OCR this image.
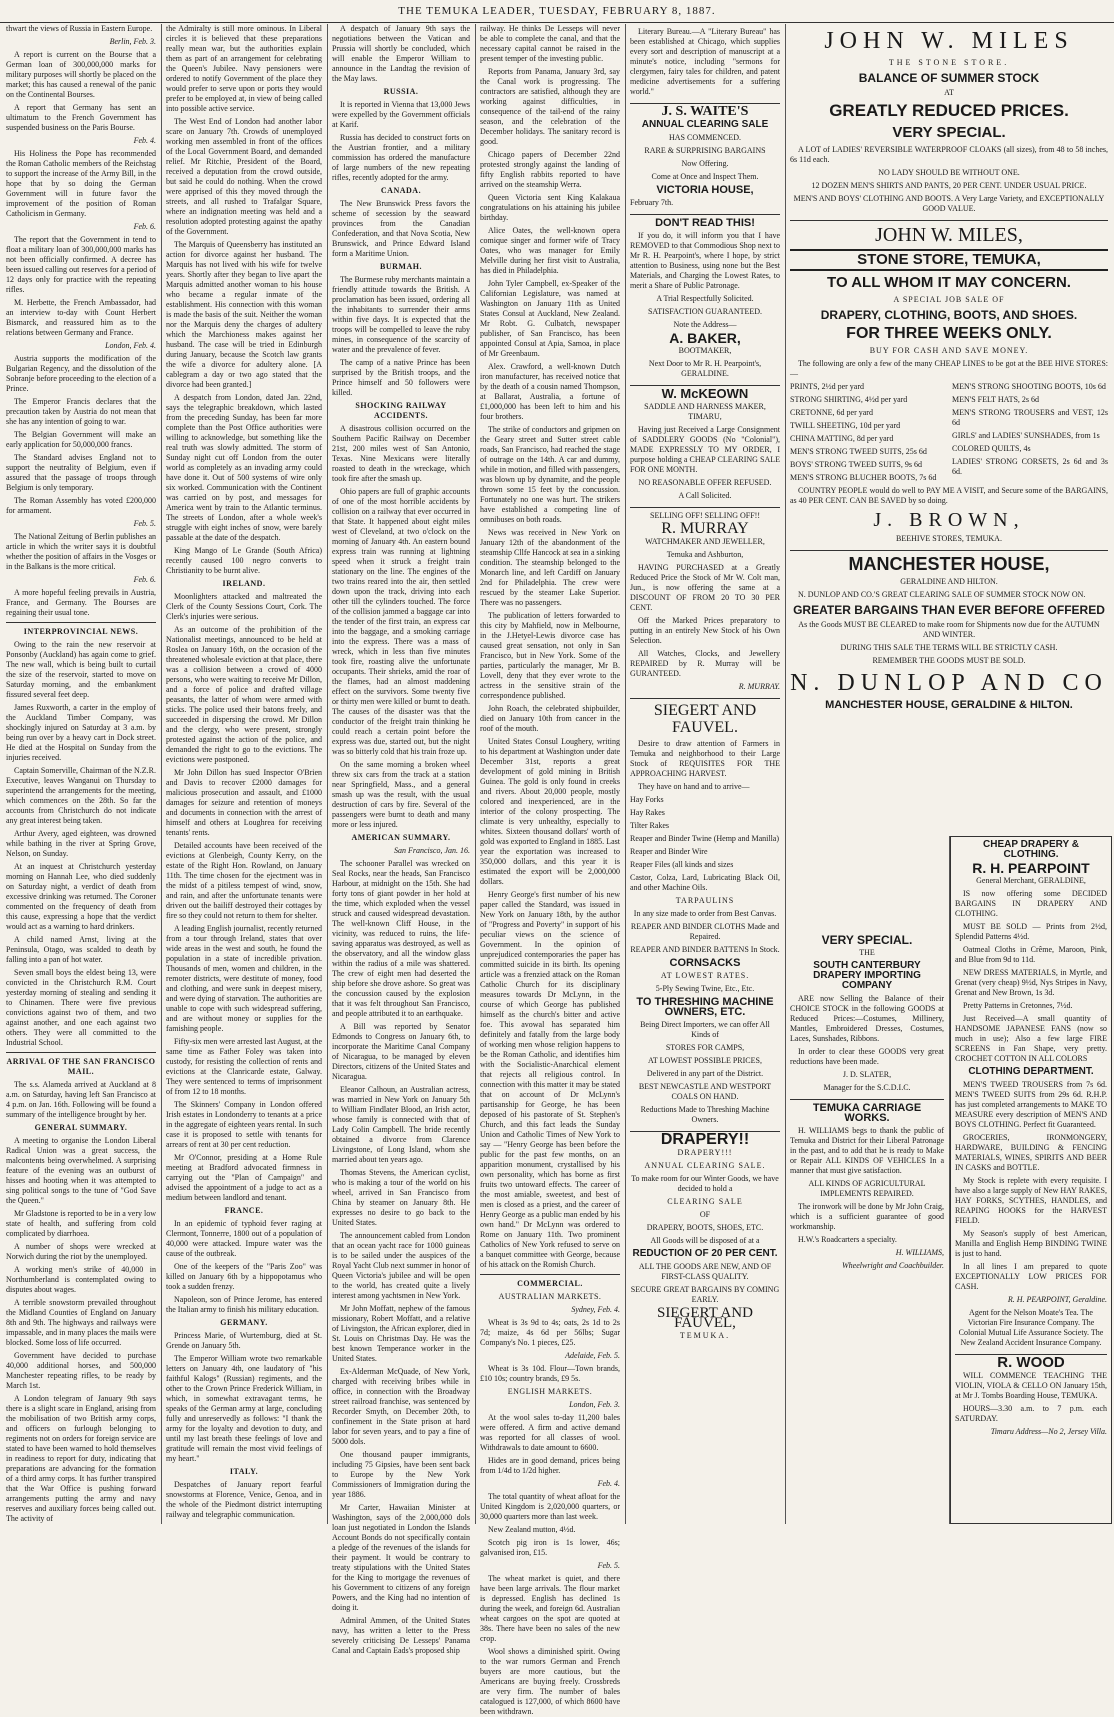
THE TEMUKA LEADER, TUESDAY, FEBRUARY 8, 1887.

thwart the views of Russia in Eastern Europe.

Berlin, Feb. 3.

A report is current on the Bourse that a German loan of 300,000,000 marks for military purposes will shortly be placed on the market; this has caused a renewal of the panic on the Continental Bourses.

A report that Germany has sent an ultimatum to the French Government has suspended business on the Paris Bourse.

Feb. 4.

His Holiness the Pope has recommended the Roman Catholic members of the Reichstag to support the increase of the Army Bill, in the hope that by so doing the German Government will in future favor the improvement of the position of Roman Catholicism in Germany.

Feb. 6.

The report that the Government in tend to float a military loan of 300,000,000 marks has not been officially confirmed. A decree has been issued calling out reserves for a period of 12 days only for practice with the repeating rifles.

M. Herbette, the French Ambassador, had an interview to-day with Count Herbert Bismarck, and reassured him as to the relations between Germany and France.

London, Feb. 4.

Austria supports the modification of the Bulgarian Regency, and the dissolution of the Sobranje before proceeding to the election of a Prince.

The Emperor Francis declares that the precaution taken by Austria do not mean that she has any intention of going to war.

The Belgian Government will make an early application for 50,000,000 francs.

The Standard advises England not to support the neutrality of Belgium, even if assured that the passage of troops through Belgium is only temporary.

The Roman Assembly has voted £200,000 for armament.

Feb. 5.

The National Zeitung of Berlin publishes an article in which the writer says it is doubtful whether the position of affairs in the Vosges or in the Balkans is the more critical.

Feb. 6.

A more hopeful feeling prevails in Austria, France, and Germany. The Bourses are regaining their usual tone.

INTERPROVINCIAL NEWS.

Owing to the rain the new reservoir at Ponsonby (Auckland) has again come to grief. The new wall, which is being built to curtail the size of the reservoir, started to move on Saturday morning, and the embankment fissured several feet deep.

James Ruxworth, a carter in the employ of the Auckland Timber Company, was shockingly injured on Saturday at 3 a.m. by being run over by a heavy cart in Dock street. He died at the Hospital on Sunday from the injuries received.

Captain Somerville, Chairman of the N.Z.R. Executive, leaves Wanganui on Thursday to superintend the arrangements for the meeting, which commences on the 28th. So far the accounts from Christchurch do not indicate any great interest being taken.

Arthur Avery, aged eighteen, was drowned while bathing in the river at Spring Grove, Nelson, on Sunday.

At an inquest at Christchurch yesterday morning on Hannah Lee, who died suddenly on Saturday night, a verdict of death from excessive drinking was returned. The Coroner commented on the frequency of death from this cause, expressing a hope that the verdict would act as a warning to hard drinkers.

A child named Arnst, living at the Peninsula, Otago, was scalded to death by falling into a pan of hot water.

Seven small boys the eldest being 13, were convicted in the Christchurch R.M. Court yesterday morning of stealing and sending it to Chinamen. There were five previous convictions against two of them, and two against another, and one each against two others. They were all committed to the Industrial School.

ARRIVAL OF THE SAN FRANCISCO MAIL.

The s.s. Alameda arrived at Auckland at 8 a.m. on Saturday, having left San Francisco at 4 p.m. on Jan. 16th. Following will be found a summary of the intelligence brought by her.

GENERAL SUMMARY.

A meeting to organise the London Liberal Radical Union was a great success, the malcontents being overwhelmed. A surprising feature of the evening was an outburst of hisses and hooting when it was attempted to sing political songs to the tune of "God Save the Queen."

Mr Gladstone is reported to be in a very low state of health, and suffering from cold complicated by diarrhoea.

A number of shops were wrecked at Norwich during the riot by the unemployed.

A working men's strike of 40,000 in Northumberland is contemplated owing to disputes about wages.

A terrible snowstorm prevailed throughout the Midland Counties of England on January 8th and 9th. The highways and railways were impassable, and in many places the mails were blocked. Some loss of life occurred.

Government have decided to purchase 40,000 additional horses, and 500,000 Manchester repeating rifles, to be ready by March 1st.

A London telegram of January 9th says there is a slight scare in England, arising from the mobilisation of two British army corps, and officers on furlough belonging to regiments not on orders for foreign service are stated to have been warned to hold themselves in readiness to report for duty, indicating that preparations are advancing for the formation of a third army corps. It has further transpired that the War Office is pushing forward arrangements putting the army and navy reserves and auxiliary forces being called out. The activity of

the Admiralty is still more ominous. In Liberal circles it is believed that these preparations really mean war, but the authorities explain them as part of an arrangement for celebrating the Queen's Jubilee. Navy pensioners were ordered to notify Government of the place they would prefer to serve upon or ports they would prefer to be employed at, in view of being called into possible active service.

The West End of London had another labor scare on January 7th. Crowds of unemployed working men assembled in front of the offices of the Local Government Board, and demanded relief. Mr Ritchie, President of the Board, received a deputation from the crowd outside, but said he could do nothing. When the crowd were apprised of this they moved through the streets, and all rushed to Trafalgar Square, where an indignation meeting was held and a resolution adopted protesting against the apathy of the Government.

The Marquis of Queensberry has instituted an action for divorce against her husband. The Marquis has not lived with his wife for twelve years. Shortly after they began to live apart the Marquis admitted another woman to his house who became a regular inmate of the establishment. His connection with this woman is made the basis of the suit. Neither the woman nor the Marquis deny the charges of adultery which the Marchioness makes against her husband. The case will be tried in Edinburgh during January, because the Scotch law grants the wife a divorce for adultery alone. [A cablegram a day or two ago stated that the divorce had been granted.]

A despatch from London, dated Jan. 22nd, says the telegraphic breakdown, which lasted from the preceding Sunday, has been far more complete than the Post Office authorities were willing to acknowledge, but something like the real truth was slowly admitted. The storm of Sunday night cut off London from the outer world as completely as an invading army could have done it. Out of 500 systems of wire only six worked. Communication with the Continent was carried on by post, and messages for America went by train to the Atlantic terminus. The streets of London, after a whole week's struggle with eight inches of snow, were barely passable at the date of the despatch.

King Mango of Le Grande (South Africa) recently caused 100 negro converts to Christianity to be burnt alive.

IRELAND.

Moonlighters attacked and maltreated the Clerk of the County Sessions Court, Cork. The Clerk's injuries were serious.

As an outcome of the prohibition of the Nationalist meetings, announced to be held at Roslea on January 16th, on the occasion of the threatened wholesale eviction at that place, there was a collision between a crowd of 4000 persons, who were waiting to receive Mr Dillon, and a force of police and drafted village peasants, the latter of whom were armed with sticks. The police used their batons freely, and succeeded in dispersing the crowd. Mr Dillon and the clergy, who were present, strongly protested against the action of the police, and demanded the right to go to the evictions. The evictions were postponed.

Mr John Dillon has sued Inspector O'Brien and Davis to recover £2000 damages for malicious prosecution and assault, and £1000 damages for seizure and retention of moneys and documents in connection with the arrest of himself and others at Loughrea for receiving tenants' rents.

Detailed accounts have been received of the evictions at Glenbeigh, County Kerry, on the estate of the Right Hon. Rowland, on January 11th. The time chosen for the ejectment was in the midst of a pitiless tempest of wind, snow, and rain, and after the unfortunate tenants were driven out the bailiff destroyed their cottages by fire so they could not return to them for shelter.

A leading English journalist, recently returned from a tour through Ireland, states that over wide areas in the west and south, he found the population in a state of incredible privation. Thousands of men, women and children, in the remoter districts, were destitute of money, food and clothing, and were sunk in deepest misery, and were dying of starvation. The authorities are unable to cope with such widespread suffering, and are without money or supplies for the famishing people.

Fifty-six men were arrested last August, at the same time as Father Foley was taken into custody, for resisting the collection of rents and evictions at the Clanricarde estate, Galway. They were sentenced to terms of imprisonment of from 12 to 18 months.

The Skinners' Company in London offered Irish estates in Londonderry to tenants at a price in the aggregate of eighteen years rental. In such case it is proposed to settle with tenants for arrears of rent at 30 per cent reduction.

Mr O'Connor, presiding at a Home Rule meeting at Bradford advocated firmness in carrying out the "Plan of Campaign" and advised the appointment of a judge to act as a medium between landlord and tenant.

FRANCE.

In an epidemic of typhoid fever raging at Clermont, Tonnerre, 1800 out of a population of 40,000 were attacked. Impure water was the cause of the outbreak.

One of the keepers of the "Paris Zoo" was killed on January 6th by a hippopotamus who took a sudden frenzy.

Napoleon, son of Prince Jerome, has entered the Italian army to finish his military education.

GERMANY.

Princess Marie, of Wurtemburg, died at St. Grende on January 5th.

The Emperor William wrote two remarkable letters on January 4th, one laudatory of "his faithful Kalogs" (Russian) regiments, and the other to the Crown Prince Frederick William, in which, in somewhat extravagant terms, he speaks of the German army at large, concluding fully and unreservedly as follows: "I thank the army for the loyalty and devotion to duty, and until my last breath these feelings of love and gratitude will remain the most vivid feelings of my heart."

ITALY.

Despatches of January report fearful snowstorms at Florence, Venice, Genoa, and in the whole of the Piedmont district interrupting railway and telegraphic communication.

A despatch of January 9th says the negotiations between the Vatican and Prussia will shortly be concluded, which will enable the Emperor William to announce in the Landtag the revision of the May laws.

RUSSIA.

It is reported in Vienna that 13,000 Jews were expelled by the Government officials at Karif.

Russia has decided to construct forts on the Austrian frontier, and a military commission has ordered the manufacture of large numbers of the new repeating rifles, recently adopted for the army.

CANADA.

The New Brunswick Press favors the scheme of secession by the seaward provinces from the Canadian Confederation, and that Nova Scotia, New Brunswick, and Prince Edward Island form a Maritime Union.

BURMAH.

The Burmese ruby merchants maintain a friendly attitude towards the British. A proclamation has been issued, ordering all the inhabitants to surrender their arms within five days. It is expected that the troops will be compelled to leave the ruby mines, in consequence of the scarcity of water and the prevalence of fever.

The camp of a native Prince has been surprised by the British troops, and the Prince himself and 50 followers were killed.

SHOCKING RAILWAY ACCIDENTS.

A disastrous collision occurred on the Southern Pacific Railway on December 21st, 200 miles west of San Antonio, Texas. Nine Mexicans were literally roasted to death in the wreckage, which took fire after the smash up.

Ohio papers are full of graphic accounts of one of the most horrible accidents by collision on a railway that ever occurred in that State. It happened about eight miles west of Cleveland, at two o'clock on the morning of January 4th. An eastern bound express train was running at lightning speed when it struck a freight train stationary on the line. The engines of the two trains reared into the air, then settled down upon the track, driving into each other till the cylinders touched. The force of the collision jammed a baggage car into the tender of the first train, an express car into the baggage, and a smoking carriage into the express. There was a mass of wreck, which in less than five minutes took fire, roasting alive the unfortunate occupants. Their shrieks, amid the roar of the flames, had an almost maddening effect on the survivors. Some twenty five or thirty men were killed or burnt to death. The causes of the disaster was that the conductor of the freight train thinking he could reach a certain point before the express was due, started out, but the night was so bitterly cold that his train froze up.

On the same morning a broken wheel threw six cars from the track at a station near Springfield, Mass., and a general smash up was the result, with the usual destruction of cars by fire. Several of the passengers were burnt to death and many more or less injured.

AMERICAN SUMMARY.

San Francisco, Jan. 16.

The schooner Parallel was wrecked on Seal Rocks, near the heads, San Francisco Harbour, at midnight on the 15th. She had forty tons of giant powder in her hold at the time, which exploded when the vessel struck and caused widespread devastation. The well-known Cliff House, in the vicinity, was reduced to ruins, the life-saving apparatus was destroyed, as well as the observatory, and all the window glass within the radius of a mile was shattered. The crew of eight men had deserted the ship before she drove ashore. So great was the concussion caused by the explosion that it was felt throughout San Francisco, and people attributed it to an earthquake.

A Bill was reported by Senator Edmonds to Congress on January 6th, to incorporate the Maritime Canal Company of Nicaragua, to be managed by eleven Directors, citizens of the United States and Nicaragua.

Eleanor Calhoun, an Australian actress, was married in New York on January 5th to William Findlater Blood, an Irish actor, whose family is connected with that of Lady Colin Campbell. The bride recently obtained a divorce from Clarence Livingstone, of Long Island, whom she married about ten years ago.

Thomas Stevens, the American cyclist, who is making a tour of the world on his wheel, arrived in San Francisco from China by steamer on January 8th. He expresses no desire to go back to the United States.

The announcement cabled from London that an ocean yacht race for 1000 guineas is to be sailed under the auspices of the Royal Yacht Club next summer in honor of Queen Victoria's jubilee and will be open to the world, has created quite a lively interest among yachtsmen in New York.

Mr John Moffatt, nephew of the famous missionary, Robert Moffatt, and a relative of Livingston, the African explorer, died in St. Louis on Christmas Day. He was the best known Temperance worker in the United States.

Ex-Alderman McQuade, of New York, charged with receiving bribes while in office, in connection with the Broadway street railroad franchise, was sentenced by Recorder Smyth, on December 20th, to confinement in the State prison at hard labor for seven years, and to pay a fine of 5000 dols.

One thousand pauper immigrants, including 75 Gipsies, have been sent back to Europe by the New York Commissioners of Immigration during the year 1886.

Mr Carter, Hawaiian Minister at Washington, says of the 2,000,000 dols loan just negotiated in London the Islands Account Bonds do not specifically contain a pledge of the revenues of the islands for their payment. It would be contrary to treaty stipulations with the United States for the King to mortgage the revenues of his Government to citizens of any foreign Powers, and the King had no intention of doing it.

Admiral Ammen, of the United States navy, has written a letter to the Press severely criticising De Lesseps' Panama Canal and Captain Eads's proposed ship

railway. He thinks De Lesseps will never be able to complete the canal, and that the necessary capital cannot be raised in the present temper of the investing public.

Reports from Panama, January 3rd, say the Canal work is progressing. The contractors are satisfied, although they are working against difficulties, in consequence of the tail-end of the rainy season, and the celebration of the December holidays. The sanitary record is good.

Chicago papers of December 22nd protested strongly against the landing of fifty English rabbits reported to have arrived on the steamship Werra.

Queen Victoria sent King Kalakaua congratulations on his attaining his jubilee birthday.

Alice Oates, the well-known opera comique singer and former wife of Tracy Oates, who was manager for Emily Melville during her first visit to Australia, has died in Philadelphia.

John Tyler Campbell, ex-Speaker of the Californian Legislature, was named at Washington on January 11th as United States Consul at Auckland, New Zealand. Mr Robt. G. Culbatch, newspaper publisher, of San Francisco, has been appointed Consul at Apia, Samoa, in place of Mr Greenbaum.

Alex. Crawford, a well-known Dutch iron manufacturer, has received notice that by the death of a cousin named Thompson, at Ballarat, Australia, a fortune of £1,000,000 has been left to him and his four brothers.

The strike of conductors and gripmen on the Geary street and Sutter street cable roads, San Francisco, had reached the stage of outrage on the 14th. A car and dummy, while in motion, and filled with passengers, was blown up by dynamite, and the people thrown some 15 feet by the concussion. Fortunately no one was hurt. The strikers have established a competing line of omnibuses on both roads.

News was received in New York on January 12th of the abandonment of the steamship Cllfe Hancock at sea in a sinking condition. The steamship belonged to the Monarch line, and left Cardiff on January 2nd for Philadelphia. The crew were rescued by the steamer Lake Superior. There was no passengers.

The publication of letters forwarded to this city by Mahfield, now in Melbourne, in the J.Hetyel-Lewis divorce case has caused great sensation, not only in San Francisco, but in New York. Some of the parties, particularly the manager, Mr B. Lovell, deny that they ever wrote to the actress in the sensitive strain of the correspondence published.

John Roach, the celebrated shipbuilder, died on January 10th from cancer in the roof of the mouth.

United States Consul Loughery, writing to his department at Washington under date December 31st, reports a great development of gold mining in British Guinea. The gold is only found in creeks and rivers. About 20,000 people, mostly colored and inexperienced, are in the interior of the colony prospecting. The climate is very unhealthy, especially to whites. Sixteen thousand dollars' worth of gold was exported to England in 1885. Last year the exportation was increased to 350,000 dollars, and this year it is estimated the export will be 2,000,000 dollars.

Henry George's first number of his new paper called the Standard, was issued in New York on January 18th, by the author of "Progress and Poverty" in support of his peculiar views on the science of Government. In the opinion of unprejudiced contemporaries the paper has committed suicide in its birth. Its opening article was a frenzied attack on the Roman Catholic Church for its disciplinary measures towards Dr McLynn, in the course of which George has published himself as the church's bitter and active foe. This avowal has separated him definitely and fatally from the large body of working men whose religion happens to be the Roman Catholic, and identifies him with the Socialistic-Anarchical element that rejects all religious control. In connection with this matter it may be stated that on account of Dr McLynn's partisanship for George, he has been deposed of his pastorate of St. Stephen's Church, and this fact leads the Sunday Union and Catholic Times of New York to say — "Henry George has been before the public for the past few months, on an apparition monument, crystallised by his own personality, which has borne as first fruits two untoward effects. The career of the most amiable, sweetest, and best of men is closed as a priest, and the career of Henry George as a public man ended by his own hand." Dr McLynn was ordered to Rome on January 11th. Two prominent Catholics of New York refused to serve on a banquet committee with George, because of his attack on the Romish Church.

COMMERCIAL.

AUSTRALIAN MARKETS.

Sydney, Feb. 4.

Wheat is 3s 9d to 4s; oats, 2s 1d to 2s 7d; maize, 4s 6d per 56lbs; Sugar Company's No. 1 pieces, £25.

Adelaide, Feb. 5.

Wheat is 3s 10d. Flour—Town brands, £10 10s; country brands, £9 5s.

ENGLISH MARKETS.

London, Feb. 3.

At the wool sales to-day 11,200 bales were offered. A firm and active demand was reported for all classes of wool. Withdrawals to date amount to 6600.

Hides are in good demand, prices being from 1/4d to 1/2d higher.

Feb. 4.

The total quantity of wheat afloat for the United Kingdom is 2,020,000 quarters, or 30,000 quarters more than last week.

New Zealand mutton, 4½d.

Scotch pig iron is 1s lower, 46s; galvanised iron, £15.

Feb. 5.

The wheat market is quiet, and there have been large arrivals. The flour market is depressed. English has declined 1s during the week, and foreign 6d. Australian wheat cargoes on the spot are quoted at 38s. There have been no sales of the new crop.

Wool shows a diminished spirit. Owing to the war rumors German and French buyers are more cautious, but the Americans are buying freely. Crossbreds are very firm. The number of bales catalogued is 127,000, of which 8600 have been withdrawn.

Literary Bureau.—A "Literary Bureau" has been established at Chicago, which supplies every sort and description of manuscript at a minute's notice, including "sermons for clergymen, fairy tales for children, and patent medicine advertisements for a suffering world."

J. S. WAITE'S

ANNUAL CLEARING SALE

HAS COMMENCED.

RARE & SURPRISING BARGAINS

Now Offering.

Come at Once and Inspect Them.

VICTORIA HOUSE,

February 7th.

DON'T READ THIS!

If you do, it will inform you that I have REMOVED to that Commodious Shop next to Mr R. H. Pearpoint's, where I hope, by strict attention to Business, using none but the Best Materials, and Charging the Lowest Rates, to merit a Share of Public Patronage.

A Trial Respectfully Solicited.

SATISFACTION GUARANTEED.

Note the Address—

A. BAKER,

BOOTMAKER,

Next Door to Mr R. H. Pearpoint's, GERALDINE.

W. McKEOWN

SADDLE AND HARNESS MAKER, TIMARU,

Having just Received a Large Consignment of SADDLERY GOODS (No "Colonial"), MADE EXPRESSLY TO MY ORDER, I purpose holding a CHEAP CLEARING SALE FOR ONE MONTH.

NO REASONABLE OFFER REFUSED.

A Call Solicited.

SELLING OFF! SELLING OFF!!

R. MURRAY

WATCHMAKER AND JEWELLER,

Temuka and Ashburton,

HAVING PURCHASED at a Greatly Reduced Price the Stock of Mr W. Colt man, Jun., is now offering the same at a DISCOUNT OF FROM 20 TO 30 PER CENT.

Off the Marked Prices preparatory to putting in an entirely New Stock of his Own Selection.

All Watches, Clocks, and Jewellery REPAIRED by R. Murray will be GURANTEED.

R. MURRAY.

SIEGERT AND FAUVEL.

Desire to draw attention of Farmers in Temuka and neighborhood to their Large Stock of REQUISITES FOR THE APPROACHING HARVEST.

They have on hand and to arrive—

Hay Forks

Hay Rakes

Tilter Rakes

Reaper and Binder Twine (Hemp and Manilla)

Reaper and Binder Wire

Reaper Files (all kinds and sizes

Castor, Colza, Lard, Lubricating Black Oil, and other Machine Oils.

TARPAULINS

In any size made to order from Best Canvas.

REAPER AND BINDER CLOTHS Made and Repaired.

REAPER AND BINDER BATTENS In Stock.

CORNSACKS

AT LOWEST RATES.

5-Ply Sewing Twine, Etc., Etc.

TO THRESHING MACHINE OWNERS, ETC.

Being Direct Importers, we can offer All Kinds of

STORES FOR CAMPS,

AT LOWEST POSSIBLE PRICES,

Delivered in any part of the District.

BEST NEWCASTLE AND WESTPORT COALS ON HAND.

Reductions Made to Threshing Machine Owners.

DRAPERY!!

DRAPERY!!!

ANNUAL CLEARING SALE.

To make room for our Winter Goods, we have decided to hold a

CLEARING SALE

OF

DRAPERY, BOOTS, SHOES, ETC.

All Goods will be disposed of at a

REDUCTION OF 20 PER CENT.

ALL THE GOODS ARE NEW, AND OF FIRST-CLASS QUALITY.

SECURE GREAT BARGAINS BY COMING EARLY.

SIEGERT AND FAUVEL,

TEMUKA.

JOHN W. MILES

THE STONE STORE.

BALANCE OF SUMMER STOCK

AT

GREATLY REDUCED PRICES.

VERY SPECIAL.

A LOT of LADIES' REVERSIBLE WATERPROOF CLOAKS (all sizes), from 48 to 58 inches, 6s 11d each.

NO LADY SHOULD BE WITHOUT ONE.

12 DOZEN MEN'S SHIRTS AND PANTS, 20 PER CENT. UNDER USUAL PRICE.

MEN'S AND BOYS' CLOTHING AND BOOTS. A Very Large Variety, and EXCEPTIONALLY GOOD VALUE.

JOHN W. MILES,

STONE STORE, TEMUKA,

TO ALL WHOM IT MAY CONCERN.

A SPECIAL JOB SALE OF

DRAPERY, CLOTHING, BOOTS, AND SHOES.

FOR THREE WEEKS ONLY.

BUY FOR CASH AND SAVE MONEY.

The following are only a few of the many CHEAP LINES to be got at the BEE HIVE STORES:—

PRINTS, 2½d per yard

STRONG SHIRTING, 4½d per yard

CRETONNE, 6d per yard

TWILL SHEETING, 10d per yard

CHINA MATTING, 8d per yard

MEN'S STRONG TWEED SUITS, 25s 6d

BOYS' STRONG TWEED SUITS, 9s 6d

MEN'S STRONG BLUCHER BOOTS, 7s 6d

MEN'S STRONG SHOOTING BOOTS, 10s 6d

MEN'S FELT HATS, 2s 6d

MEN'S STRONG TROUSERS and VEST, 12s 6d

GIRLS' and LADIES' SUNSHADES, from 1s

COLORED QUILTS, 4s

LADIES' STRONG CORSETS, 2s 6d and 3s 6d.

COUNTRY PEOPLE would do well to PAY ME A VISIT, and Secure some of the BARGAINS, as 40 PER CENT. CAN BE SAVED by so doing.

J. BROWN,

BEEHIVE STORES, TEMUKA.

MANCHESTER HOUSE,

GERALDINE AND HILTON.

N. DUNLOP AND CO.'S GREAT CLEARING SALE OF SUMMER STOCK NOW ON.

GREATER BARGAINS THAN EVER BEFORE OFFERED

As the Goods MUST BE CLEARED to make room for Shipments now due for the AUTUMN AND WINTER.

DURING THIS SALE THE TERMS WILL BE STRICTLY CASH.

REMEMBER THE GOODS MUST BE SOLD.

N. DUNLOP AND CO

MANCHESTER HOUSE, GERALDINE & HILTON.

VERY SPECIAL.

THE

SOUTH CANTERBURY DRAPERY IMPORTING COMPANY

ARE now Selling the Balance of their CHOICE STOCK in the following GOODS at Reduced Prices:—Costumes, Millinery, Mantles, Embroidered Dresses, Costumes, Laces, Sunshades, Ribbons.

In order to clear these GOODS very great reductions have been made.

J. D. SLATER,

Manager for the S.C.D.I.C.

TEMUKA CARRIAGE WORKS.

H. WILLIAMS begs to thank the public of Temuka and District for their Liberal Patronage in the past, and to add that he is ready to Make or Repair ALL KINDS OF VEHICLES In a manner that must give satisfaction.

ALL KINDS OF AGRICULTURAL IMPLEMENTS REPAIRED.

The ironwork will be done by Mr John Craig, which is a sufficient guarantee of good workmanship.

H.W.'s Roadcarters a specialty.

H. WILLIAMS,

Wheelwright and Coachbuilder.

CHEAP DRAPERY & CLOTHING.

R. H. PEARPOINT

General Merchant, GERALDINE,

IS now offering some DECIDED BARGAINS IN DRAPERY AND CLOTHING.

MUST BE SOLD — Prints from 2½d, Splendid Patterns 4½d.

Oatmeal Cloths in Crême, Maroon, Pink, and Blue from 9d to 11d.

NEW DRESS MATERIALS, in Myrtle, and Grenat (very cheap) 9½d, Nys Stripes in Navy, Grenat and New Brown, 1s 3d.

Pretty Patterns in Cretonnes, 7½d.

Just Received—A small quantity of HANDSOME JAPANESE FANS (now so much in use); Also a few large FIRE SCREENS in Fan Shape, very pretty. CROCHET COTTON IN ALL COLORS

CLOTHING DEPARTMENT.

MEN'S TWEED TROUSERS from 7s 6d. MEN'S TWEED SUITS from 29s 6d. R.H.P. has just completed arrangements to MAKE TO MEASURE every description of MEN'S AND BOYS CLOTHING. Perfect fit Guaranteed.

GROCERIES, IRONMONGERY, HARDWARE, BUILDING & FENCING MATERIALS, WINES, SPIRITS AND BEER IN CASKS and BOTTLE.

My Stock is replete with every requisite. I have also a large supply of New HAY RAKES, HAY FORKS, SCYTHES, HANDLES, and REAPING HOOKS for the HARVEST FIELD.

My Season's supply of best American, Manilla and English Hemp BINDING TWINE is just to hand.

In all lines I am prepared to quote EXCEPTIONALLY LOW PRICES FOR CASH.

R. H. PEARPOINT, Geraldine.

Agent for the Nelson Moate's Tea. The Victorian Fire Insurance Company. The Colonial Mutual Life Assurance Society. The New Zealand Accident Insurance Company.

R. WOOD

WILL COMMENCE TEACHING THE VIOLIN, VIOLA & CELLO ON January 15th, at Mr J. Tombs Boarding House, TEMUKA.

HOURS—3.30 a.m. to 7 p.m. each SATURDAY.

Timaru Address—No 2, Jersey Villa.
